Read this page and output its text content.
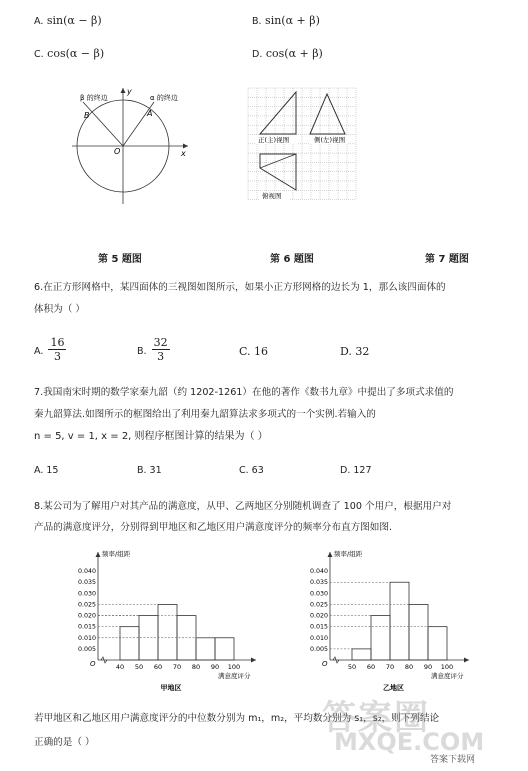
A. sin(α − β)	B. sin(α + β)
C. cos(α − β)	D. cos(α + β)
β 的终边	α 的终边
B	A
O	x
y
正(主)视图	侧(左)视图
俯视图
第 5 题图	第 6 题图	第 7 题图
6.在正方形网格中，某四面体的三视图如图所示，如果小正方形网格的边长为 1，那么该四面体的
体积为（ ）
A. $\frac{16}{3}$	B. $\frac{32}{3}$	C. 16	D. 32
7.我国南宋时期的数学家秦九韶（约 1202-1261）在他的著作《数书九章》中提出了多项式求值的
秦九韶算法.如图所示的框图给出了利用秦九韶算法求多项式的一个实例.若输入的
n = 5, v = 1, x = 2, 则程序框图计算的结果为（ ）
A. 15	B. 31	C. 63	D. 127
8.某公司为了解用户对其产品的满意度，从甲、乙两地区分别随机调查了 100 个用户，根据用户对
产品的满意度评分，分别得到甲地区和乙地区用户满意度评分的频率分布直方图如图.
频率/组距
满意度评分
O
0.005
0.010
0.015
0.020
0.025
0.030
0.035
0.040
40 50 60 70 80 90 100
甲地区
频率/组距
满意度评分
O
0.005
0.010
0.015
0.020
0.025
0.030
0.035
0.040
50 60 70 80 90 100
乙地区
若甲地区和乙地区用户满意度评分的中位数分别为 m₁，m₂，平均数分别为 s₁，s₂，则下列结论
正确的是（ ）
答案圈
MXQE.COM
答案下载网
